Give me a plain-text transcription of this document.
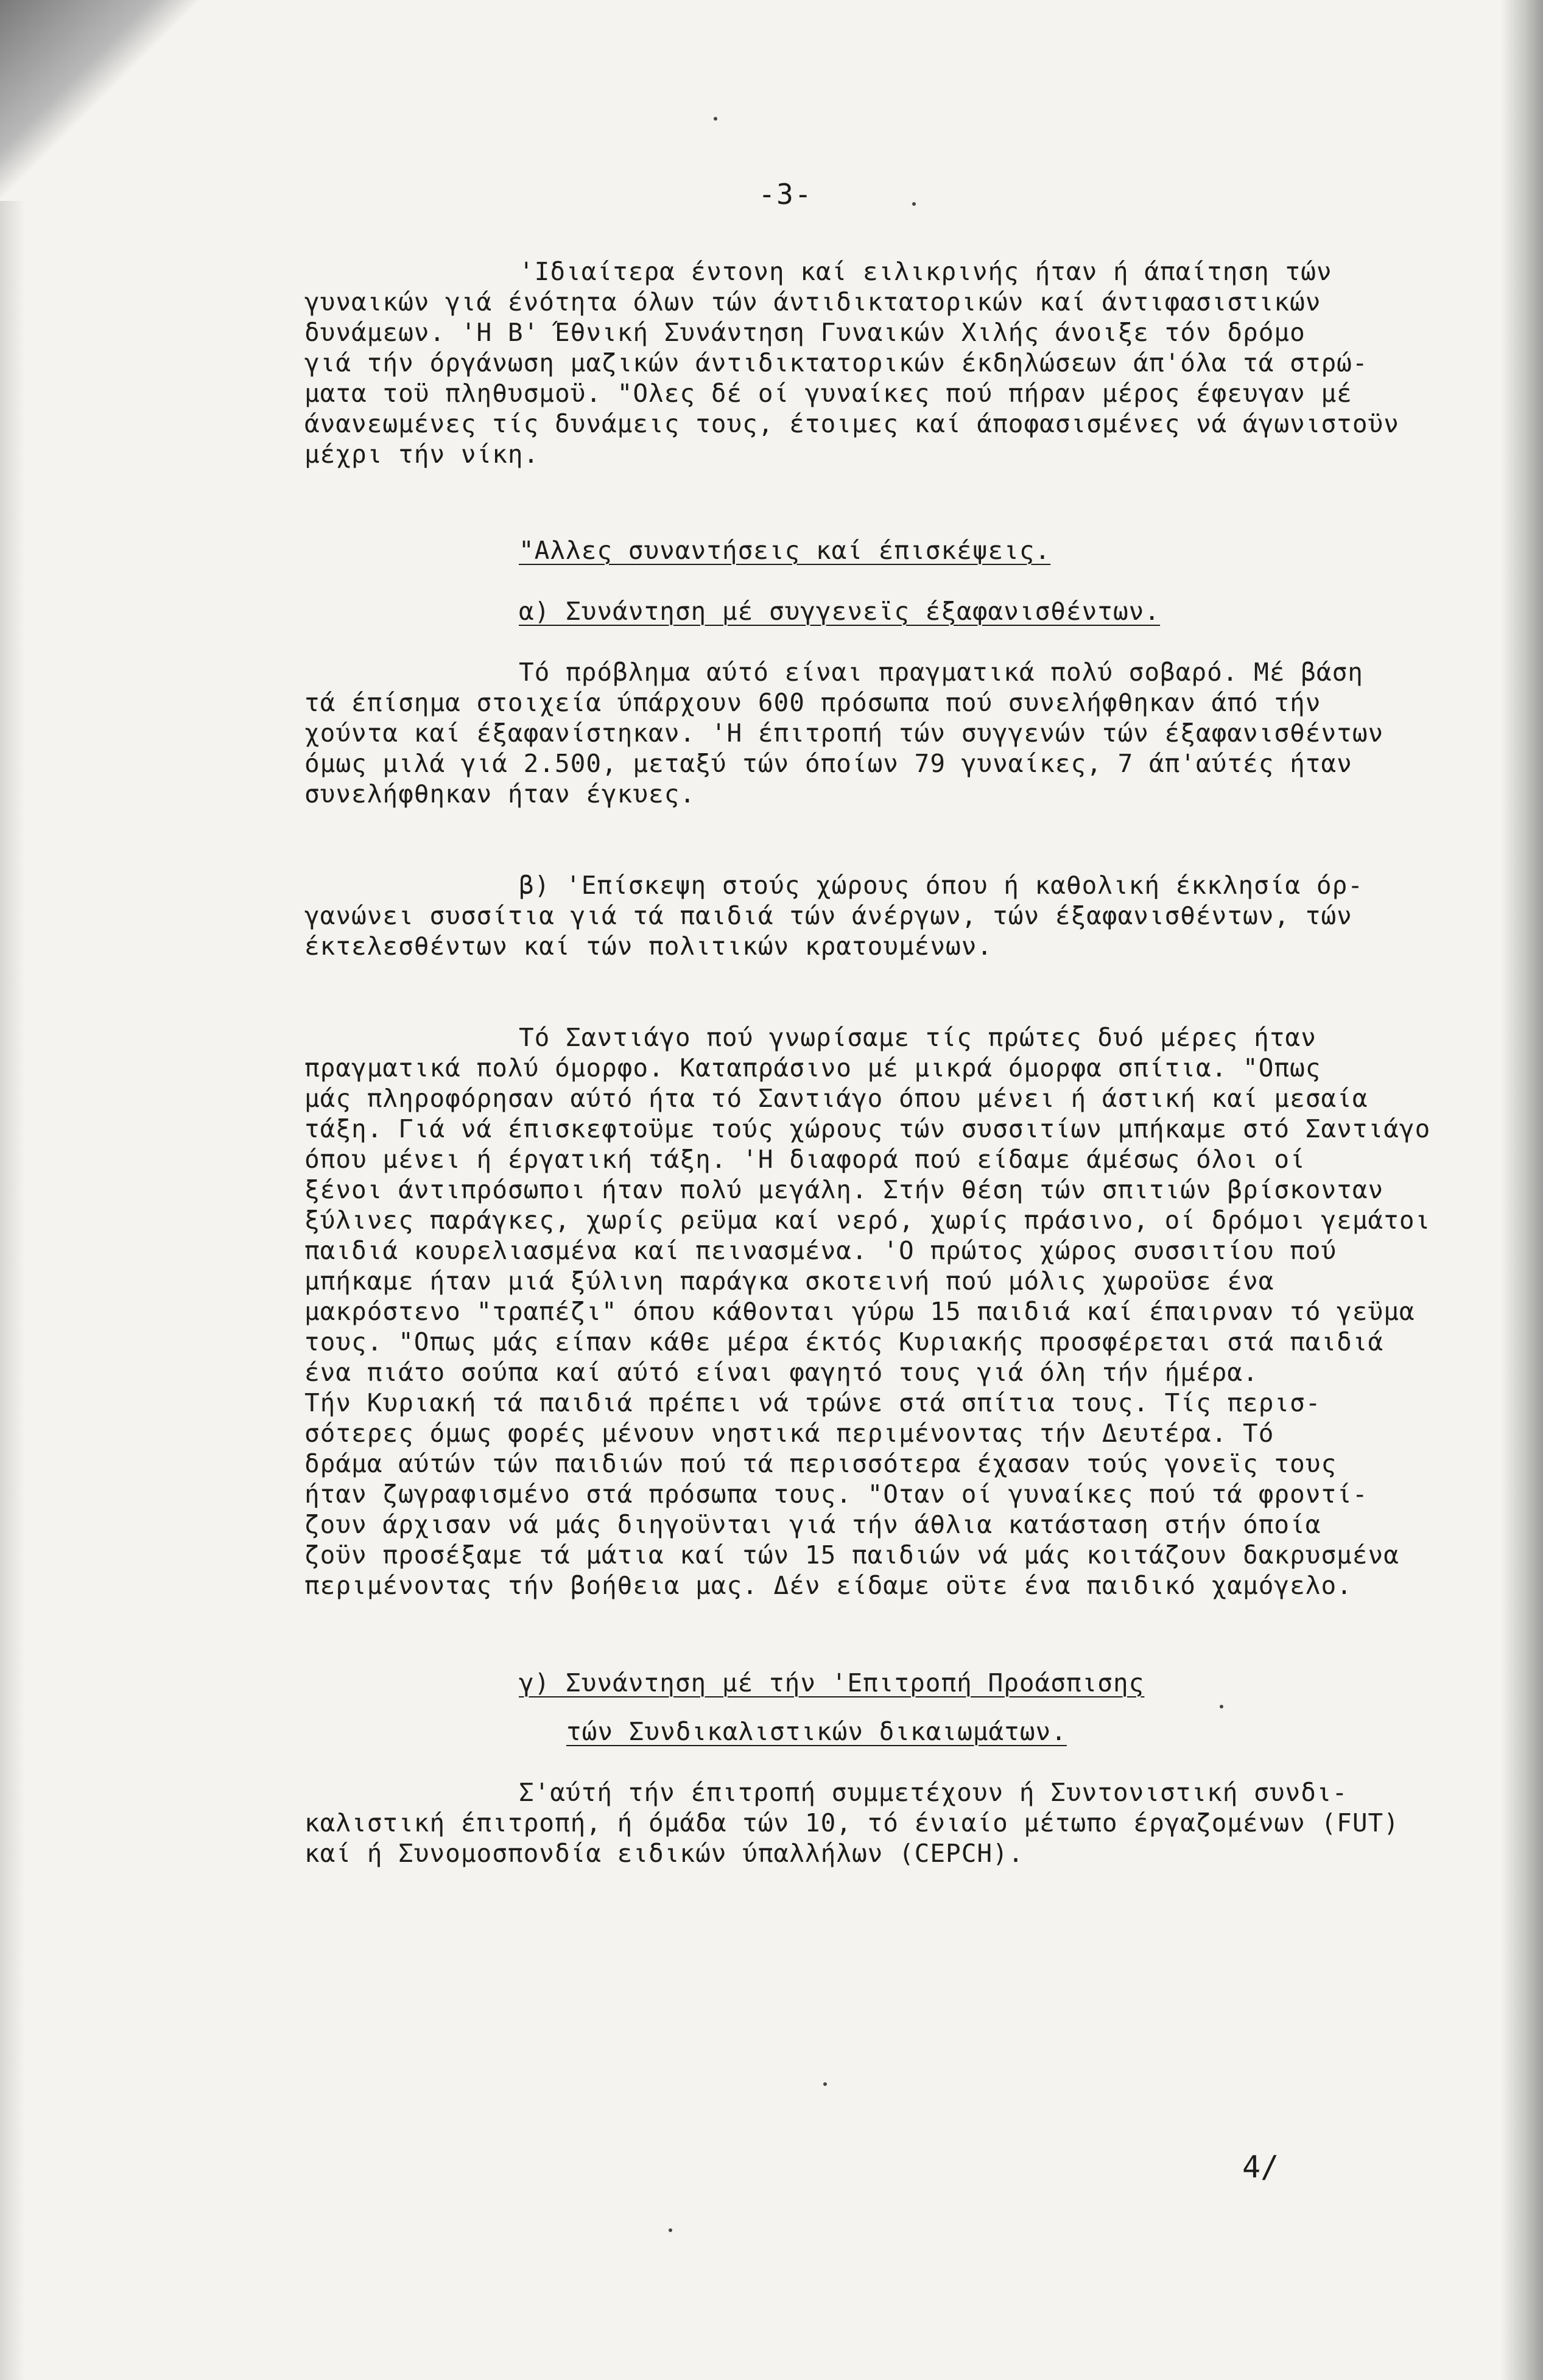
-3-
'Ιδιαίτερα έντονη καί ειλικρινής ήταν ή άπαίτηση τών
γυναικών γιά ένότητα όλων τών άντιδικτατορικών καί άντιφασιστικών
δυνάμεων. 'Η Β' Έθνική Συνάντηση Γυναικών Χιλής άνοιξε τόν δρόμο
γιά τήν όργάνωση μαζικών άντιδικτατορικών έκδηλώσεων άπ'όλα τά στρώ-
ματα τοϋ πληθυσμοϋ. "Ολες δέ οί γυναίκες πού πήραν μέρος έφευγαν μέ
άνανεωμένες τίς δυνάμεις τους, έτοιμες καί άποφασισμένες νά άγωνιστοϋν
μέχρι τήν νίκη.
"Αλλες συναντήσεις καί έπισκέψεις.
α) Συνάντηση μέ συγγενεϊς έξαφανισθέντων.
Τό πρόβλημα αύτό είναι πραγματικά πολύ σοβαρό. Μέ βάση
τά έπίσημα στοιχεία ύπάρχουν 600 πρόσωπα πού συνελήφθηκαν άπό τήν
χούντα καί έξαφανίστηκαν. 'Η έπιτροπή τών συγγενών τών έξαφανισθέντων
όμως μιλά γιά 2.500, μεταξύ τών όποίων 79 γυναίκες, 7 άπ'αύτές ήταν
συνελήφθηκαν ήταν έγκυες.
β) 'Επίσκεψη στούς χώρους όπου ή καθολική έκκλησία όρ-
γανώνει συσσίτια γιά τά παιδιά τών άνέργων, τών έξαφανισθέντων, τών
έκτελεσθέντων καί τών πολιτικών κρατουμένων.
Τό Σαντιάγο πού γνωρίσαμε τίς πρώτες δυό μέρες ήταν
πραγματικά πολύ όμορφο. Καταπράσινο μέ μικρά όμορφα σπίτια. "Οπως
μάς πληροφόρησαν αύτό ήτα τό Σαντιάγο όπου μένει ή άστική καί μεσαία
τάξη. Γιά νά έπισκεφτοϋμε τούς χώρους τών συσσιτίων μπήκαμε στό Σαντιάγο
όπου μένει ή έργατική τάξη. 'Η διαφορά πού είδαμε άμέσως όλοι οί
ξένοι άντιπρόσωποι ήταν πολύ μεγάλη. Στήν θέση τών σπιτιών βρίσκονταν
ξύλινες παράγκες, χωρίς ρεϋμα καί νερό, χωρίς πράσινο, οί δρόμοι γεμάτοι
παιδιά κουρελιασμένα καί πεινασμένα. 'Ο πρώτος χώρος συσσιτίου πού
μπήκαμε ήταν μιά ξύλινη παράγκα σκοτεινή πού μόλις χωροϋσε ένα
μακρόστενο "τραπέζι" όπου κάθονται γύρω 15 παιδιά καί έπαιρναν τό γεϋμα
τους. "Οπως μάς είπαν κάθε μέρα έκτός Κυριακής προσφέρεται στά παιδιά
ένα πιάτο σούπα καί αύτό είναι φαγητό τους γιά όλη τήν ήμέρα.
Τήν Κυριακή τά παιδιά πρέπει νά τρώνε στά σπίτια τους. Τίς περισ-
σότερες όμως φορές μένουν νηστικά περιμένοντας τήν Δευτέρα. Τό
δράμα αύτών τών παιδιών πού τά περισσότερα έχασαν τούς γονεϊς τους
ήταν ζωγραφισμένο στά πρόσωπα τους. "Οταν οί γυναίκες πού τά φροντί-
ζουν άρχισαν νά μάς διηγοϋνται γιά τήν άθλια κατάσταση στήν όποία
ζοϋν προσέξαμε τά μάτια καί τών 15 παιδιών νά μάς κοιτάζουν δακρυσμένα
περιμένοντας τήν βοήθεια μας. Δέν είδαμε οϋτε ένα παιδικό χαμόγελο.
γ) Συνάντηση μέ τήν 'Επιτροπή Προάσπισης
τών Συνδικαλιστικών δικαιωμάτων.
Σ'αύτή τήν έπιτροπή συμμετέχουν ή Συντονιστική συνδι-
καλιστική έπιτροπή, ή όμάδα τών 10, τό ένιαίο μέτωπο έργαζομένων (FUT)
καί ή Συνομοσπονδία ειδικών ύπαλλήλων (CEPCH).
4/
